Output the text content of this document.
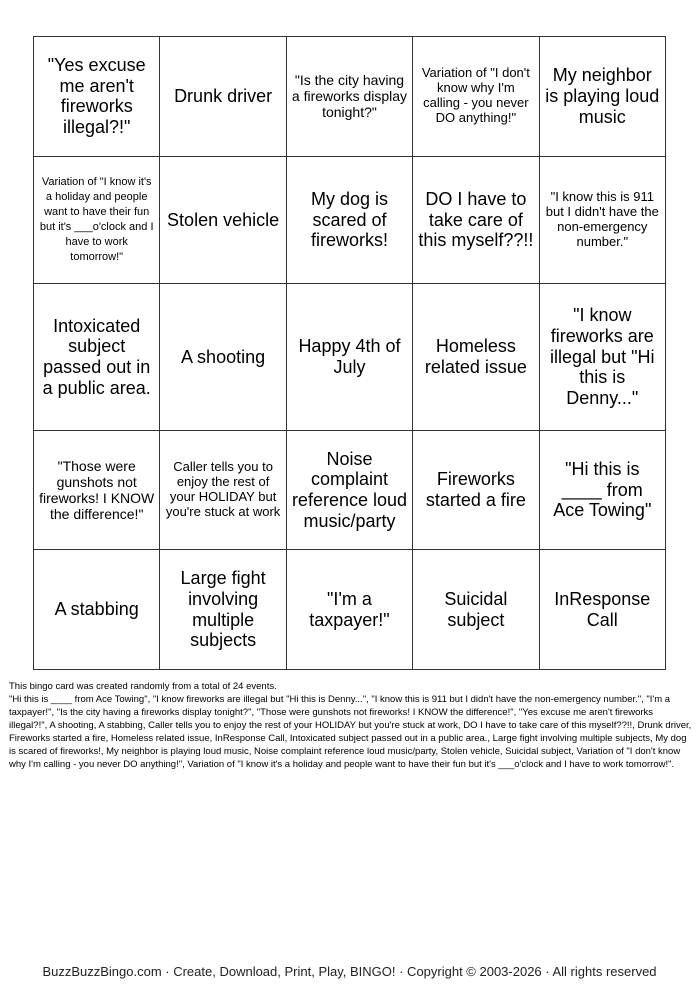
"Yes excuse me aren't fireworks illegal?!"	Drunk driver	"Is the city having a fireworks display tonight?"	Variation of "I don't know why I'm calling - you never DO anything!"	My neighbor is playing loud music
Variation of "I know it's a holiday and people want to have their fun but it's ___o'clock and I have to work tomorrow!"	Stolen vehicle	My dog is scared of fireworks!	DO I have to take care of this myself??!!	"I know this is 911 but I didn't have the non-emergency number."
Intoxicated subject passed out in a public area.	A shooting	Happy 4th of July	Homeless related issue	"I know fireworks are illegal but "Hi this is Denny..."
"Those were gunshots not fireworks! I KNOW the difference!"	Caller tells you to enjoy the rest of your HOLIDAY but you're stuck at work	Noise complaint reference loud music/party	Fireworks started a fire	"Hi this is ____ from Ace Towing"
A stabbing	Large fight involving multiple subjects	"I'm a taxpayer!"	Suicidal subject	InResponse Call

This bingo card was created randomly from a total of 24 events.

"Hi this is ____ from Ace Towing", "I know fireworks are illegal but "Hi this is Denny...", "I know this is 911 but I didn't have the non-emergency number.", "I'm a taxpayer!", "Is the city having a fireworks display tonight?", "Those were gunshots not fireworks! I KNOW the difference!", "Yes excuse me aren't fireworks illegal?!", A shooting, A stabbing, Caller tells you to enjoy the rest of your HOLIDAY but you're stuck at work, DO I have to take care of this myself??!!, Drunk driver, Fireworks started a fire, Homeless related issue, InResponse Call, Intoxicated subject passed out in a public area., Large fight involving multiple subjects, My dog is scared of fireworks!, My neighbor is playing loud music, Noise complaint reference loud music/party, Stolen vehicle, Suicidal subject, Variation of "I don't know why I'm calling - you never DO anything!", Variation of "I know it's a holiday and people want to have their fun but it's ___o'clock and I have to work tomorrow!".

BuzzBuzzBingo.com · Create, Download, Print, Play, BINGO! · Copyright © 2003-2026 · All rights reserved
